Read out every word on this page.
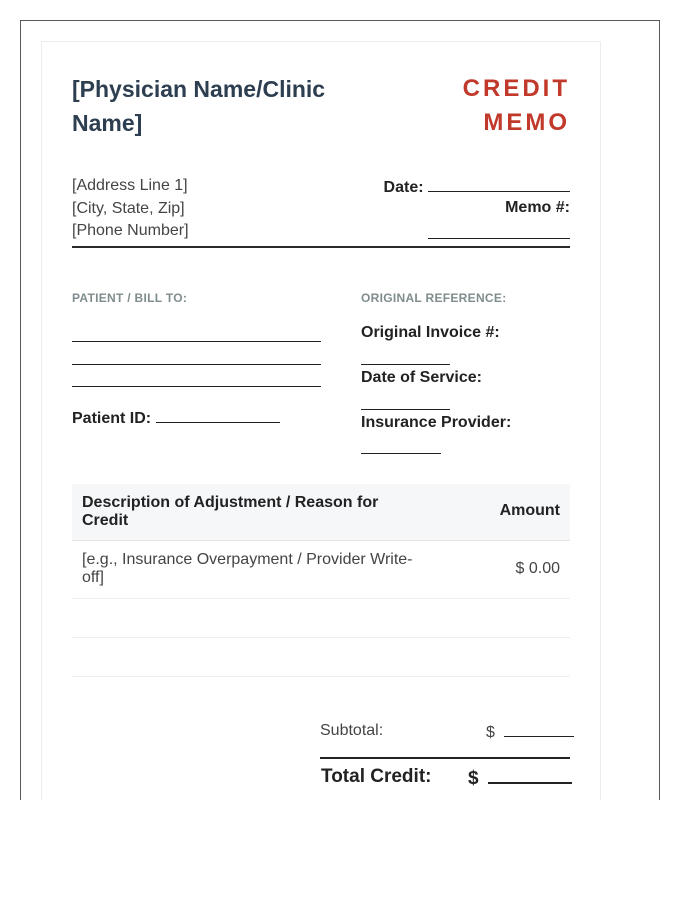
[Physician Name/Clinic Name]
CREDIT
MEMO
[Address Line 1]
[City, State, Zip]
[Phone Number]
Date:
Memo #:
PATIENT / BILL TO:
Patient ID:
ORIGINAL REFERENCE:
Original Invoice #:
Date of Service:
Insurance Provider:
Description of Adjustment / Reason for Credit
Amount
[e.g., Insurance Overpayment / Provider Write-off]
$ 0.00
Subtotal:	$
Total Credit: $
